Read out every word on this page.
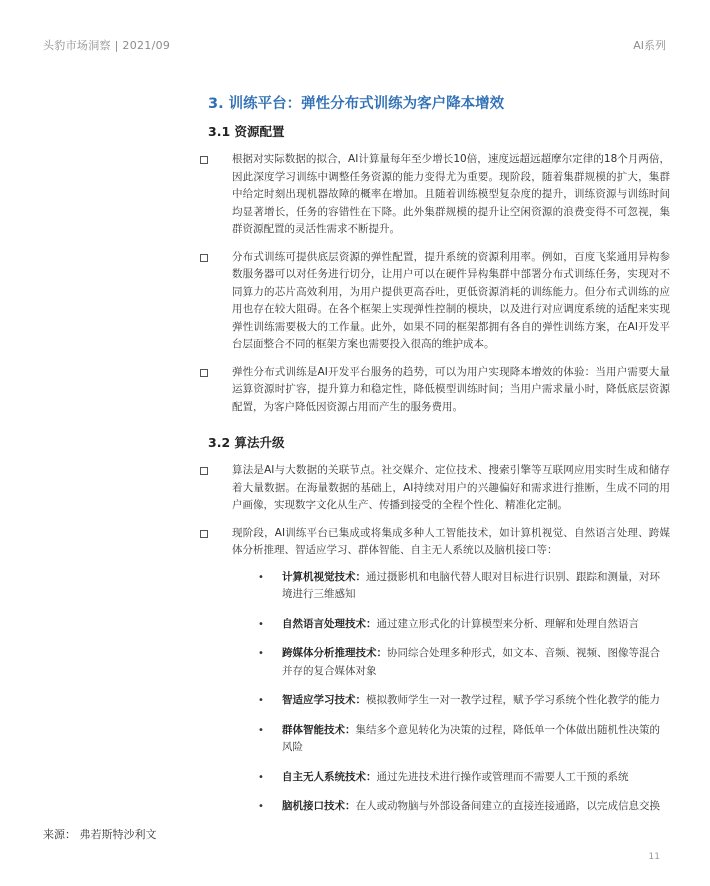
头豹市场洞察 | 2021/09	AI系列
3. 训练平台：弹性分布式训练为客户降本增效
3.1 资源配置
根据对实际数据的拟合，AI计算量每年至少增长10倍，速度远超远超摩尔定律的18个月两倍，因此深度学习训练中调整任务资源的能力变得尤为重要。现阶段，随着集群规模的扩大，集群中给定时刻出现机器故障的概率在增加。且随着训练模型复杂度的提升，训练资源与训练时间均显著增长，任务的容错性在下降。此外集群规模的提升让空闲资源的浪费变得不可忽视，集群资源配置的灵活性需求不断提升。
分布式训练可提供底层资源的弹性配置，提升系统的资源利用率。例如，百度飞桨通用异构参数服务器可以对任务进行切分，让用户可以在硬件异构集群中部署分布式训练任务，实现对不同算力的芯片高效利用，为用户提供更高吞吐，更低资源消耗的训练能力。但分布式训练的应用也存在较大阻碍。在各个框架上实现弹性控制的模块，以及进行对应调度系统的适配来实现弹性训练需要极大的工作量。此外，如果不同的框架都拥有各自的弹性训练方案，在AI开发平台层面整合不同的框架方案也需要投入很高的维护成本。
弹性分布式训练是AI开发平台服务的趋势，可以为用户实现降本增效的体验：当用户需要大量运算资源时扩容，提升算力和稳定性，降低模型训练时间；当用户需求量小时，降低底层资源配置，为客户降低因资源占用而产生的服务费用。
3.2 算法升级
算法是AI与大数据的关联节点。社交媒介、定位技术、搜索引擎等互联网应用实时生成和储存着大量数据。在海量数据的基础上，AI持续对用户的兴趣偏好和需求进行推断，生成不同的用户画像，实现数字文化从生产、传播到接受的全程个性化、精准化定制。
现阶段，AI训练平台已集成或将集成多种人工智能技术，如计算机视觉、自然语言处理、跨媒体分析推理、智适应学习、群体智能、自主无人系统以及脑机接口等：
•	计算机视觉技术：通过摄影机和电脑代替人眼对目标进行识别、跟踪和测量，对环境进行三维感知
•	自然语言处理技术：通过建立形式化的计算模型来分析、理解和处理自然语言
•	跨媒体分析推理技术：协同综合处理多种形式，如文本、音频、视频、图像等混合并存的复合媒体对象
•	智适应学习技术：模拟教师学生一对一教学过程，赋予学习系统个性化教学的能力
•	群体智能技术：集结多个意见转化为决策的过程，降低单一个体做出随机性决策的风险
•	自主无人系统技术：通过先进技术进行操作或管理而不需要人工干预的系统
•	脑机接口技术：在人或动物脑与外部设备间建立的直接连接通路，以完成信息交换
来源： 弗若斯特沙利文
11
